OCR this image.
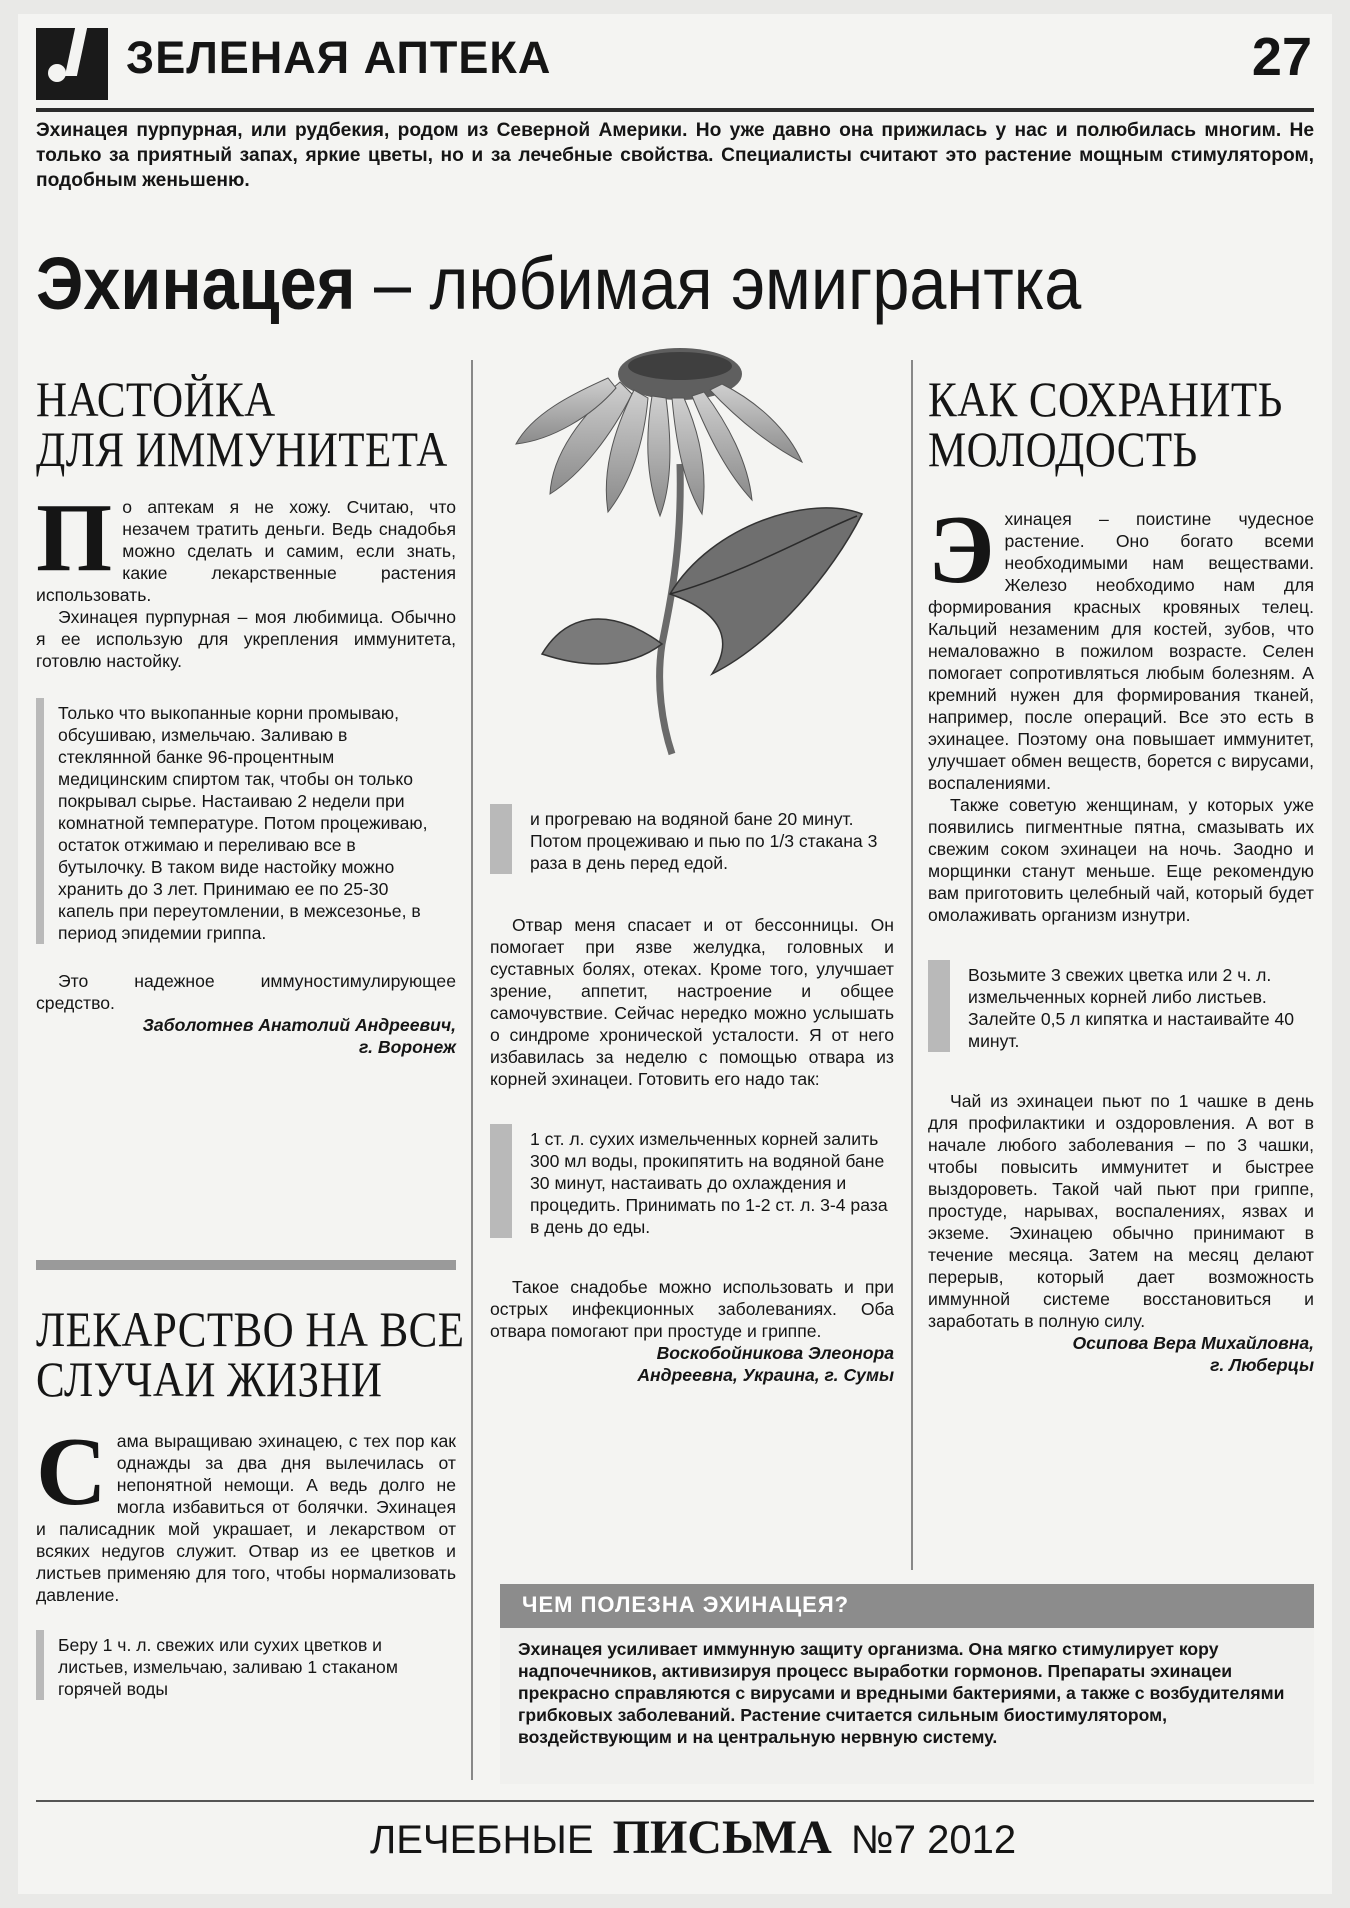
ЗЕЛЕНАЯ АПТЕКА	27
Эхинацея пурпурная, или рудбекия, родом из Северной Америки. Но уже давно она прижилась у нас и полюбилась многим. Не только за приятный запах, яркие цветы, но и за лечебные свойства. Специалисты считают это растение мощным стимулятором, подобным женьшеню.
Эхинацея – любимая эмигрантка
НАСТОЙКА
ДЛЯ ИММУНИТЕТА

По аптекам я не хожу. Считаю, что незачем тратить деньги. Ведь снадобья можно сделать и самим, если знать, какие лекарственные растения использовать.

Эхинацея пурпурная – моя любимица. Обычно я ее использую для укрепления иммунитета, готовлю настойку.

Только что выкопанные корни промываю, обсушиваю, измельчаю. Заливаю в стеклянной банке 96-процентным медицинским спиртом так, чтобы он только покрывал сырье. Настаиваю 2 недели при комнатной температуре. Потом процеживаю, остаток отжимаю и переливаю все в бутылочку. В таком виде настойку можно хранить до 3 лет. Принимаю ее по 25-30 капель при переутомлении, в межсезонье, в период эпидемии гриппа.

Это надежное иммуностимулирующее средство.

Заболотнев Анатолий Андреевич,
г. Воронеж
ЛЕКАРСТВО НА ВСЕ
СЛУЧАИ ЖИЗНИ

Сама выращиваю эхинацею, с тех пор как однажды за два дня вылечилась от непонятной немощи. А ведь долго не могла избавиться от болячки. Эхинацея и палисадник мой украшает, и лекарством от всяких недугов служит. Отвар из ее цветков и листьев применяю для того, чтобы нормализовать давление.

Беру 1 ч. л. свежих или сухих цветков и листьев, измельчаю, заливаю 1 стаканом горячей воды
и прогреваю на водяной бане 20 минут. Потом процеживаю и пью по 1/3 стакана 3 раза в день перед едой.

Отвар меня спасает и от бессонницы. Он помогает при язве желудка, головных и суставных болях, отеках. Кроме того, улучшает зрение, аппетит, настроение и общее самочувствие. Сейчас нередко можно услышать о синдроме хронической усталости. Я от него избавилась за неделю с помощью отвара из корней эхинацеи. Готовить его надо так:

1 ст. л. сухих измельченных корней залить 300 мл воды, прокипятить на водяной бане 30 минут, настаивать до охлаждения и процедить. Принимать по 1-2 ст. л. 3-4 раза в день до еды.

Такое снадобье можно использовать и при острых инфекционных заболеваниях. Оба отвара помогают при простуде и гриппе.

Воскобойникова Элеонора
Андреевна, Украина, г. Сумы
КАК СОХРАНИТЬ
МОЛОДОСТЬ

Эхинацея – поистине чудесное растение. Оно богато всеми необходимыми нам веществами. Железо необходимо нам для формирования красных кровяных телец. Кальций незаменим для костей, зубов, что немаловажно в пожилом возрасте. Селен помогает сопротивляться любым болезням. А кремний нужен для формирования тканей, например, после операций. Все это есть в эхинацее. Поэтому она повышает иммунитет, улучшает обмен веществ, борется с вирусами, воспалениями.

Также советую женщинам, у которых уже появились пигментные пятна, смазывать их свежим соком эхинацеи на ночь. Заодно и морщинки станут меньше. Еще рекомендую вам приготовить целебный чай, который будет омолаживать организм изнутри.

Возьмите 3 свежих цветка или 2 ч. л. измельченных корней либо листьев. Залейте 0,5 л кипятка и настаивайте 40 минут.

Чай из эхинацеи пьют по 1 чашке в день для профилактики и оздоровления. А вот в начале любого заболевания – по 3 чашки, чтобы повысить иммунитет и быстрее выздороветь. Такой чай пьют при гриппе, простуде, нарывах, воспалениях, язвах и экземе. Эхинацею обычно принимают в течение месяца. Затем на месяц делают перерыв, который дает возможность иммунной системе восстановиться и заработать в полную силу.

Осипова Вера Михайловна,
г. Люберцы
ЧЕМ ПОЛЕЗНА ЭХИНАЦЕЯ?
Эхинацея усиливает иммунную защиту организма. Она мягко стимулирует кору надпочечников, активизируя процесс выработки гормонов. Препараты эхинацеи прекрасно справляются с вирусами и вредными бактериями, а также с возбудителями грибковых заболеваний. Растение считается сильным биостимулятором, воздействующим и на центральную нервную систему.
ЛЕЧЕБНЫЕ ПИСЬМА №7 2012
